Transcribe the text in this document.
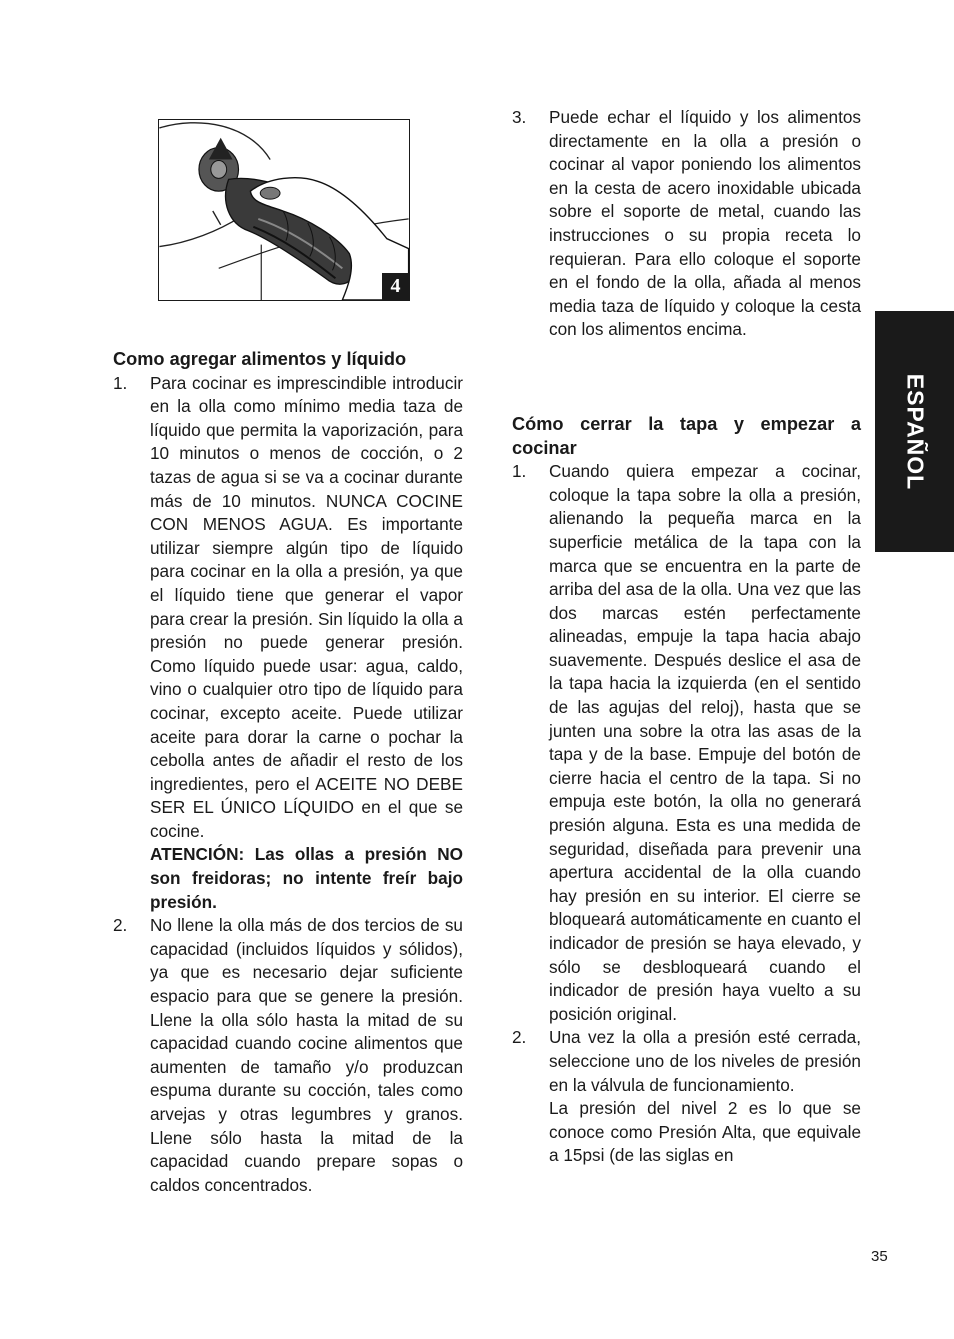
4
Como agregar alimentos y líquido
1. Para cocinar es imprescindible introducir en la olla como mínimo media taza de líquido que permita la vaporización, para 10 minutos o menos de cocción, o 2 tazas de agua si se va a cocinar durante más de 10 minutos. NUNCA COCINE CON MENOS AGUA. Es importante utilizar siempre algún tipo de líquido para cocinar en la olla a presión, ya que el líquido tiene que generar el vapor para crear la presión. Sin líquido la olla a presión no puede generar presión. Como líquido puede usar: agua, caldo, vino o cualquier otro tipo de líquido para cocinar, excepto aceite. Puede utilizar aceite para dorar la carne o pochar la cebolla antes de añadir el resto de los ingredientes, pero el ACEITE NO DEBE SER EL ÚNICO LÍQUIDO en el que se cocine.

ATENCIÓN: Las ollas a presión NO son freidoras; no intente freír bajo presión.

2. No llene la olla más de dos tercios de su capacidad (incluidos líquidos y sólidos), ya que es necesario dejar suficiente espacio para que se genere la presión. Llene la olla sólo hasta la mitad de su capacidad cuando cocine alimentos que aumenten de tamaño y/o produzcan espuma durante su cocción, tales como arvejas y otras legumbres y granos. Llene sólo hasta la mitad de la capacidad cuando prepare sopas o caldos concentrados.

3. Puede echar el líquido y los alimentos directamente en la olla a presión o cocinar al vapor poniendo los alimentos en la cesta de acero inoxidable ubicada sobre el soporte de metal, cuando las instrucciones o su propia receta lo requieran. Para ello coloque el soporte en el fondo de la olla, añada al menos media taza de líquido y coloque la cesta con los alimentos encima.

Cómo cerrar la tapa y empezar a cocinar
1. Cuando quiera empezar a cocinar, coloque la tapa sobre la olla a presión, alienando la pequeña marca en la superficie metálica de la tapa con la marca que se encuentra en la parte de arriba del asa de la olla. Una vez que las dos marcas estén perfectamente alineadas, empuje la tapa hacia abajo suavemente. Después deslice el asa de la tapa hacia la izquierda (en el sentido de las agujas del reloj), hasta que se junten una sobre la otra las asas de la tapa y de la base. Empuje del botón de cierre hacia el centro de la tapa. Si no empuja este botón, la olla no generará presión alguna. Esta es una medida de seguridad, diseñada para prevenir una apertura accidental de la olla cuando hay presión en su interior. El cierre se bloqueará automáticamente en cuanto el indicador de presión se haya elevado, y sólo se desbloqueará cuando el indicador de presión haya vuelto a su posición original.

2. Una vez la olla a presión esté cerrada, seleccione uno de los niveles de presión en la válvula de funcionamiento.

La presión del nivel 2 es lo que se conoce como Presión Alta, que equivale a 15psi (de las siglas en

ESPAÑOL
35
